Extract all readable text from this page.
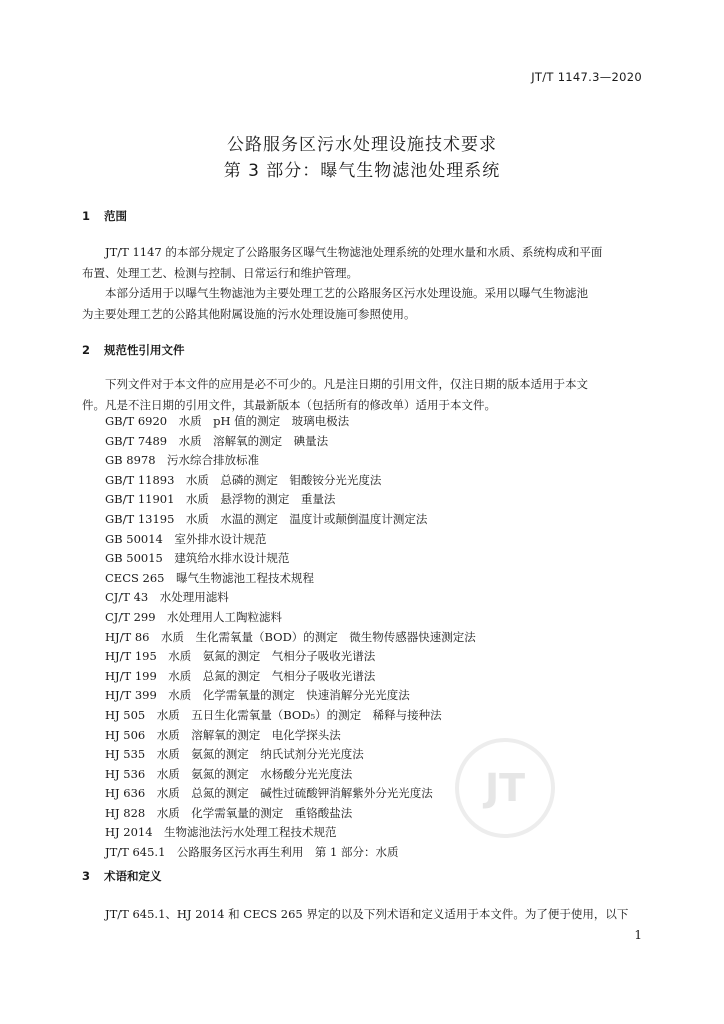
JT/T 1147.3—2020
公路服务区污水处理设施技术要求
第 3 部分：曝气生物滤池处理系统
1 范围
JT/T 1147 的本部分规定了公路服务区曝气生物滤池处理系统的处理水量和水质、系统构成和平面
布置、处理工艺、检测与控制、日常运行和维护管理。
本部分适用于以曝气生物滤池为主要处理工艺的公路服务区污水处理设施。采用以曝气生物滤池
为主要处理工艺的公路其他附属设施的污水处理设施可参照使用。
2 规范性引用文件
下列文件对于本文件的应用是必不可少的。凡是注日期的引用文件，仅注日期的版本适用于本文
件。凡是不注日期的引用文件，其最新版本（包括所有的修改单）适用于本文件。
GB/T 6920　水质　pH 值的测定　玻璃电极法
GB/T 7489　水质　溶解氧的测定　碘量法
GB 8978　污水综合排放标准
GB/T 11893　水质　总磷的测定　钼酸铵分光光度法
GB/T 11901　水质　悬浮物的测定　重量法
GB/T 13195　水质　水温的测定　温度计或颠倒温度计测定法
GB 50014　室外排水设计规范
GB 50015　建筑给水排水设计规范
CECS 265　曝气生物滤池工程技术规程
CJ/T 43　水处理用滤料
CJ/T 299　水处理用人工陶粒滤料
HJ/T 86　水质　生化需氧量（BOD）的测定　微生物传感器快速测定法
HJ/T 195　水质　氨氮的测定　气相分子吸收光谱法
HJ/T 199　水质　总氮的测定　气相分子吸收光谱法
HJ/T 399　水质　化学需氧量的测定　快速消解分光光度法
HJ 505　水质　五日生化需氧量（BOD₅）的测定　稀释与接种法
HJ 506　水质　溶解氧的测定　电化学探头法
HJ 535　水质　氨氮的测定　纳氏试剂分光光度法
HJ 536　水质　氨氮的测定　水杨酸分光光度法
HJ 636　水质　总氮的测定　碱性过硫酸钾消解紫外分光光度法
HJ 828　水质　化学需氧量的测定　重铬酸盐法
HJ 2014　生物滤池法污水处理工程技术规范
JT/T 645.1　公路服务区污水再生利用　第 1 部分：水质
JT
3 术语和定义
JT/T 645.1、HJ 2014 和 CECS 265 界定的以及下列术语和定义适用于本文件。为了便于使用，以下
1
